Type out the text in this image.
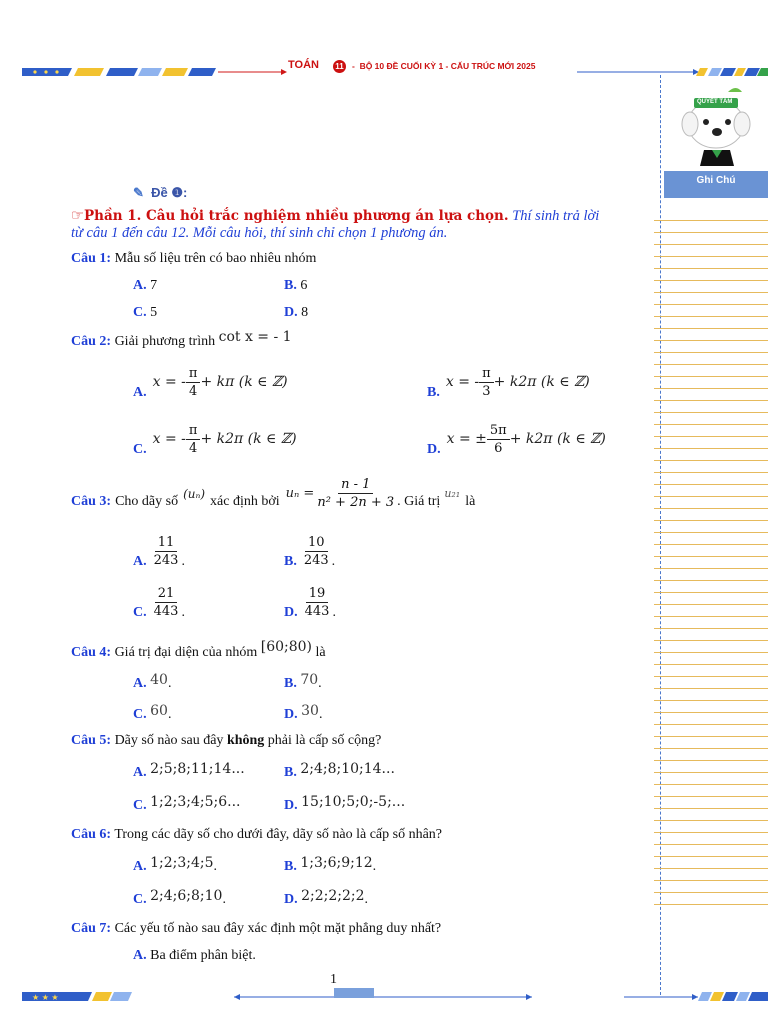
TOÁN 11 -  BỘ 10 ĐỀ CUỐI KỲ 1 - CẤU TRÚC MỚI 2025
QUYẾT TÂM
Ghi Chú
✎ Đề ❶:
☞Phần 1. Câu hỏi trắc nghiệm nhiều phương án lựa chọn. Thí sinh trả lời từ câu 1 đến câu 12. Mỗi câu hỏi, thí sinh chỉ chọn 1 phương án.
Câu 1: Mẫu số liệu trên có bao nhiêu nhóm
A. 7	B. 6
C. 5	D. 8
Câu 2: Giải phương trình cot x = - 1
A.
x = - $\frac{\pi}{4} + k\pi$ (k ∈ ℤ)
B.
x = - $\frac{\pi}{3} + k2\pi$ (k ∈ ℤ)
C.
x = - $\frac{\pi}{4} + k2\pi$ (k ∈ ℤ)
D.
x = ± $\frac{5\pi}{6} + k2\pi$ (k ∈ ℤ)
Câu 3: Cho dãy số (uₙ) xác định bởi $u_n = \frac{n - 1}{\text{n² + 2n + 3}}$ . Giá trị u₂₁ là
A. $\frac{11}{243}$ .	B. $\frac{10}{243}$ .
C. $\frac{21}{443}$ .	D. $\frac{19}{443}$ .
Câu 4: Giá trị đại diện của nhóm [60;80) là
A. 40.	B. 70.
C. 60.	D. 30.
Câu 5: Dãy số nào sau đây không phải là cấp số cộng?
A. 2;5;8;11;14...	B. 2;4;8;10;14...
C. 1;2;3;4;5;6...	D. 15;10;5;0;-5;...
Câu 6: Trong các dãy số cho dưới đây, dãy số nào là cấp số nhân?
A. 1;2;3;4;5.	B. 1;3;6;9;12.
C. 2;4;6;8;10.	D. 2;2;2;2;2.
Câu 7: Các yếu tố nào sau đây xác định một mặt phẳng duy nhất?
A. Ba điểm phân biệt.
★ ★ ★
1
